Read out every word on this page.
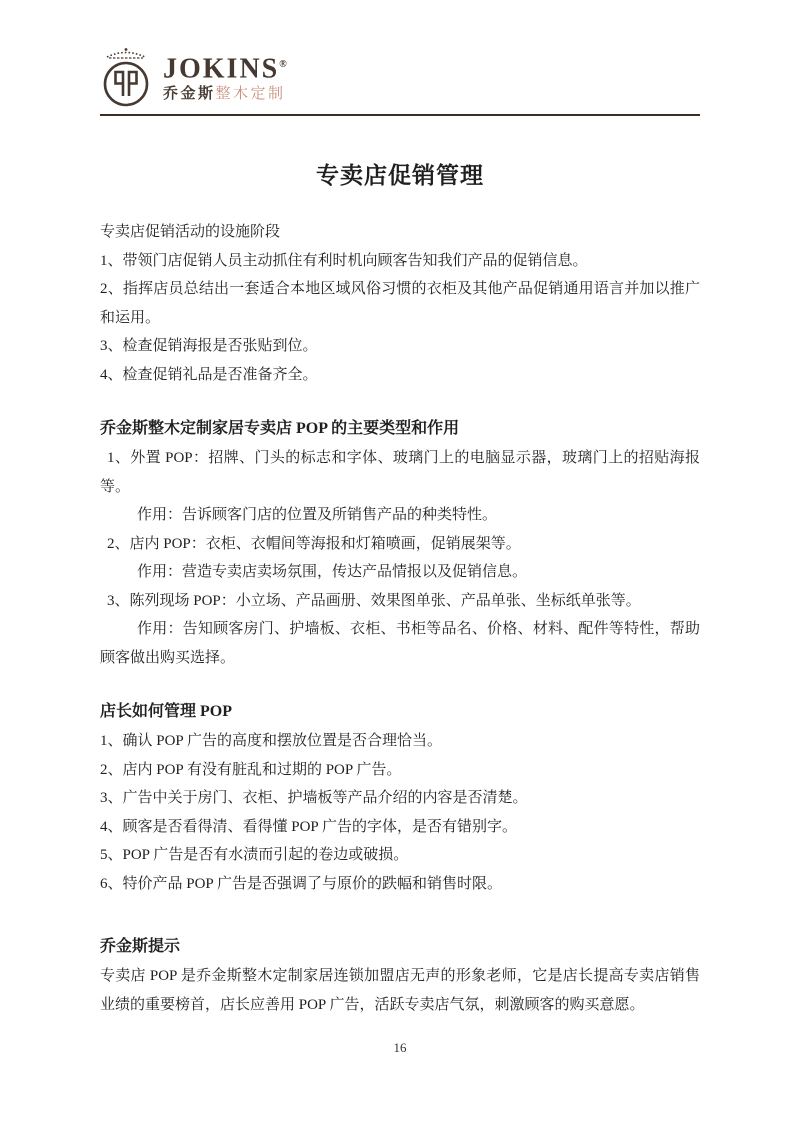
JOKINS®
乔金斯整木定制
专卖店促销管理

专卖店促销活动的设施阶段

1、带领门店促销人员主动抓住有利时机向顾客告知我们产品的促销信息。

2、指挥店员总结出一套适合本地区域风俗习惯的衣柜及其他产品促销通用语言并加以推广和运用。

3、检查促销海报是否张贴到位。

4、检查促销礼品是否准备齐全。

乔金斯整木定制家居专卖店 POP 的主要类型和作用

1、外置 POP：招牌、门头的标志和字体、玻璃门上的电脑显示器，玻璃门上的招贴海报等。

作用：告诉顾客门店的位置及所销售产品的种类特性。

2、店内 POP：衣柜、衣帽间等海报和灯箱喷画，促销展架等。

作用：营造专卖店卖场氛围，传达产品情报以及促销信息。

3、陈列现场 POP：小立场、产品画册、效果图单张、产品单张、坐标纸单张等。

作用：告知顾客房门、护墙板、衣柜、书柜等品名、价格、材料、配件等特性，帮助顾客做出购买选择。

店长如何管理 POP

1、确认 POP 广告的高度和摆放位置是否合理恰当。

2、店内 POP 有没有脏乱和过期的 POP 广告。

3、广告中关于房门、衣柜、护墙板等产品介绍的内容是否清楚。

4、顾客是否看得清、看得懂 POP 广告的字体，是否有错别字。

5、POP 广告是否有水渍而引起的卷边或破损。

6、特价产品 POP 广告是否强调了与原价的跌幅和销售时限。

乔金斯提示

专卖店 POP 是乔金斯整木定制家居连锁加盟店无声的形象老师，它是店长提高专卖店销售业绩的重要榜首，店长应善用 POP 广告，活跃专卖店气氛，刺激顾客的购买意愿。

16
